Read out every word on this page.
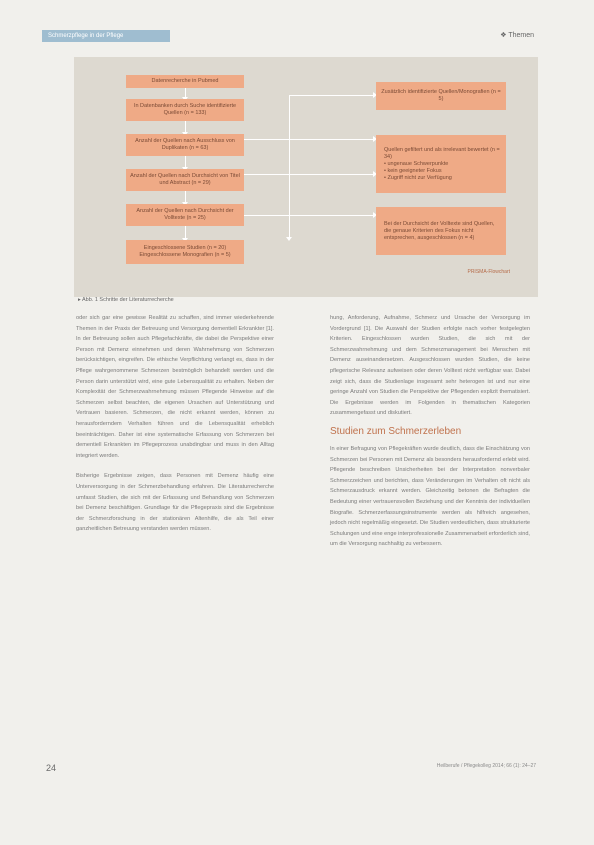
Schmerzpflege in der Pflege	❖ Themen
Datenrecherche in Pubmed
In Datenbanken durch Suche identifizierte Quellen (n = 133)
Anzahl der Quellen nach Ausschluss von Duplikaten (n = 63)
Anzahl der Quellen nach Durchsicht von Titel und Abstract (n = 29)
Anzahl der Quellen nach Durchsicht der Volltexte (n = 25)
Eingeschlossene Studien (n = 20)
Eingeschlossene Monografien (n = 5)
Zusätzlich identifizierte Quellen/Monografien (n = 5)
Quellen gefiltert und als irrelevant bewertet (n = 34)
• ungenaue Schwerpunkte
• kein geeigneter Fokus
• Zugriff nicht zur Verfügung
Bei der Durchsicht der Volltexte sind Quellen, die genaue Kriterien des Fokus nicht entsprechen, ausgeschlossen (n = 4)
PRISMA-Flowchart
▸ Abb. 1 Schritte der Literaturrecherche

oder sich gar eine gewisse Realität zu schaffen, sind immer wiederkehrende Themen in der Praxis der Betreuung und Versorgung dementiell Erkrankter [1]. In der Betreuung sollen auch Pflegefachkräfte, die dabei die Perspektive einer Person mit Demenz einnehmen und deren Wahrnehmung von Schmerzen berücksichtigen, eingreifen. Die ethische Verpflichtung verlangt es, dass in der Pflege wahrgenommene Schmerzen bestmöglich behandelt werden und die Person darin unterstützt wird, eine gute Lebensqualität zu erhalten. Neben der Komplexität der Schmerzwahrnehmung müssen Pflegende Hinweise auf die Schmerzen selbst beachten, die eigenen Ursachen auf Unterstützung und Vertrauen basieren. Schmerzen, die nicht erkannt werden, können zu herausforderndem Verhalten führen und die Lebensqualität erheblich beeinträchtigen. Daher ist eine systematische Erfassung von Schmerzen bei dementiell Erkrankten im Pflegeprozess unabdingbar und muss in den Alltag integriert werden.

Bisherige Ergebnisse zeigen, dass Personen mit Demenz häufig eine Unterversorgung in der Schmerzbehandlung erfahren. Die Literaturrecherche umfasst Studien, die sich mit der Erfassung und Behandlung von Schmerzen bei Demenz beschäftigen. Grundlage für die Pflegepraxis sind die Ergebnisse der Schmerzforschung in der stationären Altenhilfe, die als Teil einer ganzheitlichen Betreuung verstanden werden müssen.

hung, Anforderung, Aufnahme, Schmerz und Ursache der Versorgung im Vordergrund [1]. Die Auswahl der Studien erfolgte nach vorher festgelegten Kriterien. Eingeschlossen wurden Studien, die sich mit der Schmerzwahrnehmung und dem Schmerzmanagement bei Menschen mit Demenz auseinandersetzen. Ausgeschlossen wurden Studien, die keine pflegerische Relevanz aufweisen oder deren Volltext nicht verfügbar war. Dabei zeigt sich, dass die Studienlage insgesamt sehr heterogen ist und nur eine geringe Anzahl von Studien die Perspektive der Pflegenden explizit thematisiert. Die Ergebnisse werden im Folgenden in thematischen Kategorien zusammengefasst und diskutiert.

Studien zum Schmerzerleben

In einer Befragung von Pflegekräften wurde deutlich, dass die Einschätzung von Schmerzen bei Personen mit Demenz als besonders herausfordernd erlebt wird. Pflegende beschreiben Unsicherheiten bei der Interpretation nonverbaler Schmerzzeichen und berichten, dass Veränderungen im Verhalten oft nicht als Schmerzausdruck erkannt werden. Gleichzeitig betonen die Befragten die Bedeutung einer vertrauensvollen Beziehung und der Kenntnis der individuellen Biografie. Schmerzerfassungsinstrumente werden als hilfreich angesehen, jedoch nicht regelmäßig eingesetzt. Die Studien verdeutlichen, dass strukturierte Schulungen und eine enge interprofessionelle Zusammenarbeit erforderlich sind, um die Versorgung nachhaltig zu verbessern.

24	Heilberufe / Pflegekolleg 2014; 66 (1): 24–27
